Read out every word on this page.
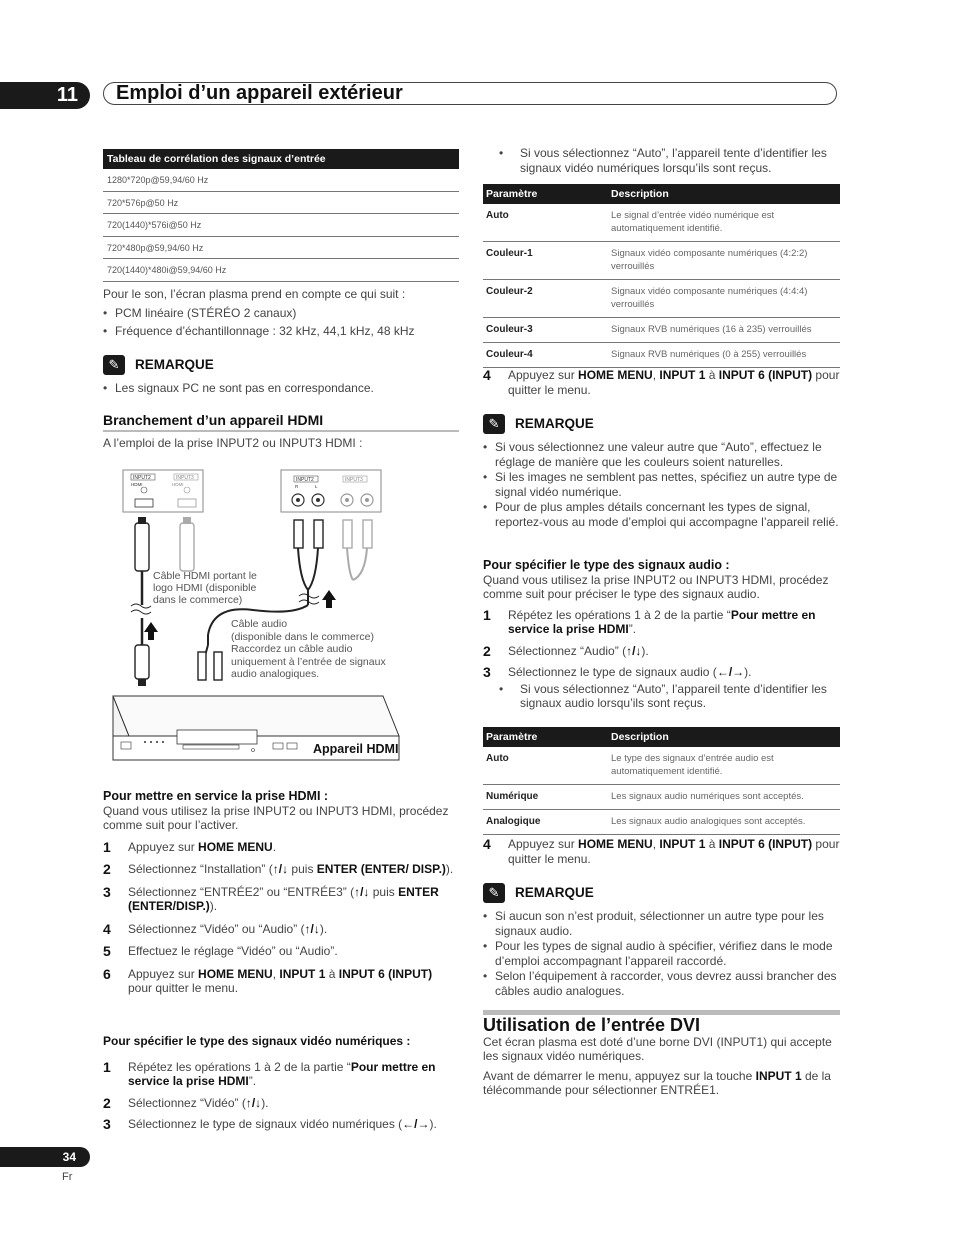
11	Emploi d’un appareil extérieur
Tableau de corrélation des signaux d’entrée
1280*720p@59,94/60 Hz
720*576p@50 Hz
720(1440)*576i@50 Hz
720*480p@59,94/60 Hz
720(1440)*480i@59,94/60 Hz
Pour le son, l’écran plasma prend en compte ce qui suit :
• PCM linéaire (STÉRÉO 2 canaux)
• Fréquence d’échantillonnage : 32 kHz, 44,1 kHz, 48 kHz
✎	REMARQUE
• Les signaux PC ne sont pas en correspondance.
Branchement d’un appareil HDMI
A l’emploi de la prise INPUT2 ou INPUT3 HDMI :
INPUT2
HDMI
INPUT3
HDMI
INPUT2	INPUT3
R	L
Appareil HDMI
Câble HDMI portant le logo HDMI (disponible dans le commerce)
Câble audio
(disponible dans le commerce)
Raccordez un câble audio uniquement à l’entrée de signaux audio analogiques.
Pour mettre en service la prise HDMI :
Quand vous utilisez la prise INPUT2 ou INPUT3 HDMI, procédez comme suit pour l’activer.
1	Appuyez sur HOME MENU.
2	Sélectionnez “Installation” (↑/↓ puis ENTER (ENTER/ DISP.)).
3	Sélectionnez “ENTRÉE2” ou “ENTRÉE3” (↑/↓ puis ENTER (ENTER/DISP.)).
4	Sélectionnez “Vidéo” ou “Audio” (↑/↓).
5	Effectuez le réglage “Vidéo” ou “Audio”.
6	Appuyez sur HOME MENU, INPUT 1 à INPUT 6 (INPUT) pour quitter le menu.
Pour spécifier le type des signaux vidéo numériques :
1	Répétez les opérations 1 à 2 de la partie “Pour mettre en service la prise HDMI”.
2	Sélectionnez “Vidéo” (↑/↓).
3	Sélectionnez le type de signaux vidéo numériques (←/→).
• Si vous sélectionnez “Auto”, l’appareil tente d’identifier les signaux vidéo numériques lorsqu’ils sont reçus.
Paramètre	Description
Auto	Le signal d’entrée vidéo numérique est automatiquement identifié.
Couleur-1	Signaux vidéo composante numériques (4:2:2) verrouillés
Couleur-2	Signaux vidéo composante numériques (4:4:4) verrouillés
Couleur-3	Signaux RVB numériques (16 à 235) verrouillés
Couleur-4	Signaux RVB numériques (0 à 255) verrouillés
4	Appuyez sur HOME MENU, INPUT 1 à INPUT 6 (INPUT) pour quitter le menu.
✎	REMARQUE
• Si vous sélectionnez une valeur autre que “Auto”, effectuez le réglage de manière que les couleurs soient naturelles.
• Si les images ne semblent pas nettes, spécifiez un autre type de signal vidéo numérique.
• Pour de plus amples détails concernant les types de signal, reportez-vous au mode d’emploi qui accompagne l’appareil relié.
Pour spécifier le type des signaux audio :
Quand vous utilisez la prise INPUT2 ou INPUT3 HDMI, procédez comme suit pour préciser le type des signaux audio.
1	Répétez les opérations 1 à 2 de la partie “Pour mettre en service la prise HDMI”.
2	Sélectionnez “Audio” (↑/↓).
3	Sélectionnez le type de signaux audio (←/→).
• Si vous sélectionnez “Auto”, l’appareil tente d’identifier les signaux audio lorsqu’ils sont reçus.
Paramètre	Description
Auto	Le type des signaux d’entrée audio est automatiquement identifié.
Numérique	Les signaux audio numériques sont acceptés.
Analogique	Les signaux audio analogiques sont acceptés.
4	Appuyez sur HOME MENU, INPUT 1 à INPUT 6 (INPUT) pour quitter le menu.
✎	REMARQUE
• Si aucun son n’est produit, sélectionner un autre type pour les signaux audio.
• Pour les types de signal audio à spécifier, vérifiez dans le mode d’emploi accompagnant l’appareil raccordé.
• Selon l’équipement à raccorder, vous devrez aussi brancher des câbles audio analogues.
Utilisation de l’entrée DVI
Cet écran plasma est doté d’une borne DVI (INPUT1) qui accepte les signaux vidéo numériques.
Avant de démarrer le menu, appuyez sur la touche INPUT 1 de la télécommande pour sélectionner ENTRÉE1.
34
Fr
